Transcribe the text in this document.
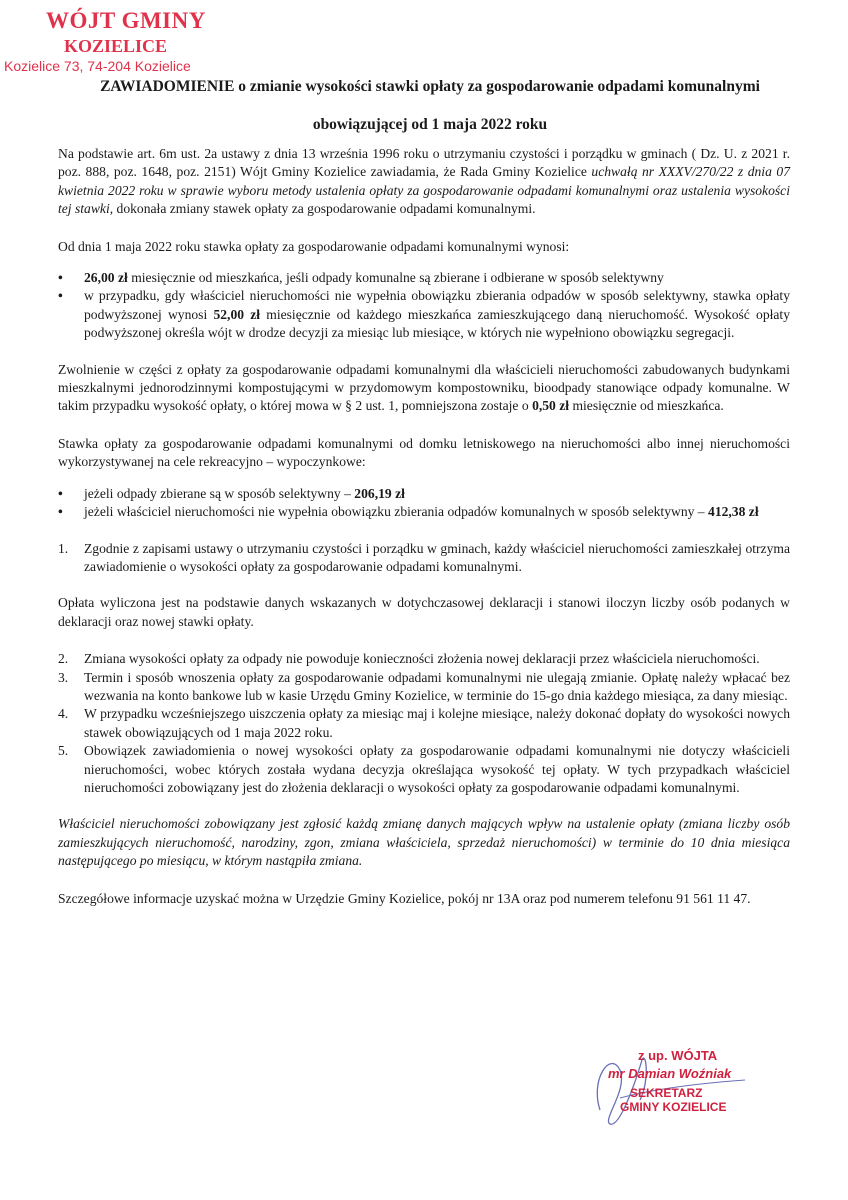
WÓJT GMINY
KOZIELICE
Kozielice 73, 74-204 Kozielice
ZAWIADOMIENIE o zmianie wysokości stawki opłaty za gospodarowanie odpadami komunalnymi
obowiązującej od 1 maja 2022 roku

Na podstawie art. 6m ust. 2a ustawy z dnia 13 września 1996 roku o utrzymaniu czystości i porządku w gminach ( Dz. U. z 2021 r. poz. 888, poz. 1648, poz. 2151) Wójt Gminy Kozielice zawiadamia, że Rada Gminy Kozielice uchwałą nr XXXV/270/22 z dnia 07 kwietnia 2022 roku w sprawie wyboru metody ustalenia opłaty za gospodarowanie odpadami komunalnymi oraz ustalenia wysokości tej stawki, dokonała zmiany stawek opłaty za gospodarowanie odpadami komunalnymi.

Od dnia 1 maja 2022 roku stawka opłaty za gospodarowanie odpadami komunalnymi wynosi:

• 26,00 zł miesięcznie od mieszkańca, jeśli odpady komunalne są zbierane i odbierane w sposób selektywny
• w przypadku, gdy właściciel nieruchomości nie wypełnia obowiązku zbierania odpadów w sposób selektywny, stawka opłaty podwyższonej wynosi 52,00 zł miesięcznie od każdego mieszkańca zamieszkującego daną nieruchomość. Wysokość opłaty podwyższonej określa wójt w drodze decyzji za miesiąc lub miesiące, w których nie wypełniono obowiązku segregacji.

Zwolnienie w części z opłaty za gospodarowanie odpadami komunalnymi dla właścicieli nieruchomości zabudowanych budynkami mieszkalnymi jednorodzinnymi kompostującymi w przydomowym kompostowniku, bioodpady stanowiące odpady komunalne. W takim przypadku wysokość opłaty, o której mowa w § 2 ust. 1, pomniejszona zostaje o 0,50 zł miesięcznie od mieszkańca.

Stawka opłaty za gospodarowanie odpadami komunalnymi od domku letniskowego na nieruchomości albo innej nieruchomości wykorzystywanej na cele rekreacyjno – wypoczynkowe:

• jeżeli odpady zbierane są w sposób selektywny – 206,19 zł
• jeżeli właściciel nieruchomości nie wypełnia obowiązku zbierania odpadów komunalnych w sposób selektywny – 412,38 zł
1. Zgodnie z zapisami ustawy o utrzymaniu czystości i porządku w gminach, każdy właściciel nieruchomości zamieszkałej otrzyma zawiadomienie o wysokości opłaty za gospodarowanie odpadami komunalnymi.

Opłata wyliczona jest na podstawie danych wskazanych w dotychczasowej deklaracji i stanowi iloczyn liczby osób podanych w deklaracji oraz nowej stawki opłaty.

2. Zmiana wysokości opłaty za odpady nie powoduje konieczności złożenia nowej deklaracji przez właściciela nieruchomości.
3. Termin i sposób wnoszenia opłaty za gospodarowanie odpadami komunalnymi nie ulegają zmianie. Opłatę należy wpłacać bez wezwania na konto bankowe lub w kasie Urzędu Gminy Kozielice, w terminie do 15-go dnia każdego miesiąca, za dany miesiąc.
4. W przypadku wcześniejszego uiszczenia opłaty za miesiąc maj i kolejne miesiące, należy dokonać dopłaty do wysokości nowych stawek obowiązujących od 1 maja 2022 roku.
5. Obowiązek zawiadomienia o nowej wysokości opłaty za gospodarowanie odpadami komunalnymi nie dotyczy właścicieli nieruchomości, wobec których została wydana decyzja określająca wysokość tej opłaty. W tych przypadkach właściciel nieruchomości zobowiązany jest do złożenia deklaracji o wysokości opłaty za gospodarowanie odpadami komunalnymi.

Właściciel nieruchomości zobowiązany jest zgłosić każdą zmianę danych mających wpływ na ustalenie opłaty (zmiana liczby osób zamieszkujących nieruchomość, narodziny, zgon, zmiana właściciela, sprzedaż nieruchomości) w terminie do 10 dnia miesiąca następującego po miesiącu, w którym nastąpiła zmiana.

Szczegółowe informacje uzyskać można w Urzędzie Gminy Kozielice, pokój nr 13A oraz pod numerem telefonu 91 561 11 47.

z up. WÓJTA
mr Damian Woźniak
SEKRETARZ
GMINY KOZIELICE
